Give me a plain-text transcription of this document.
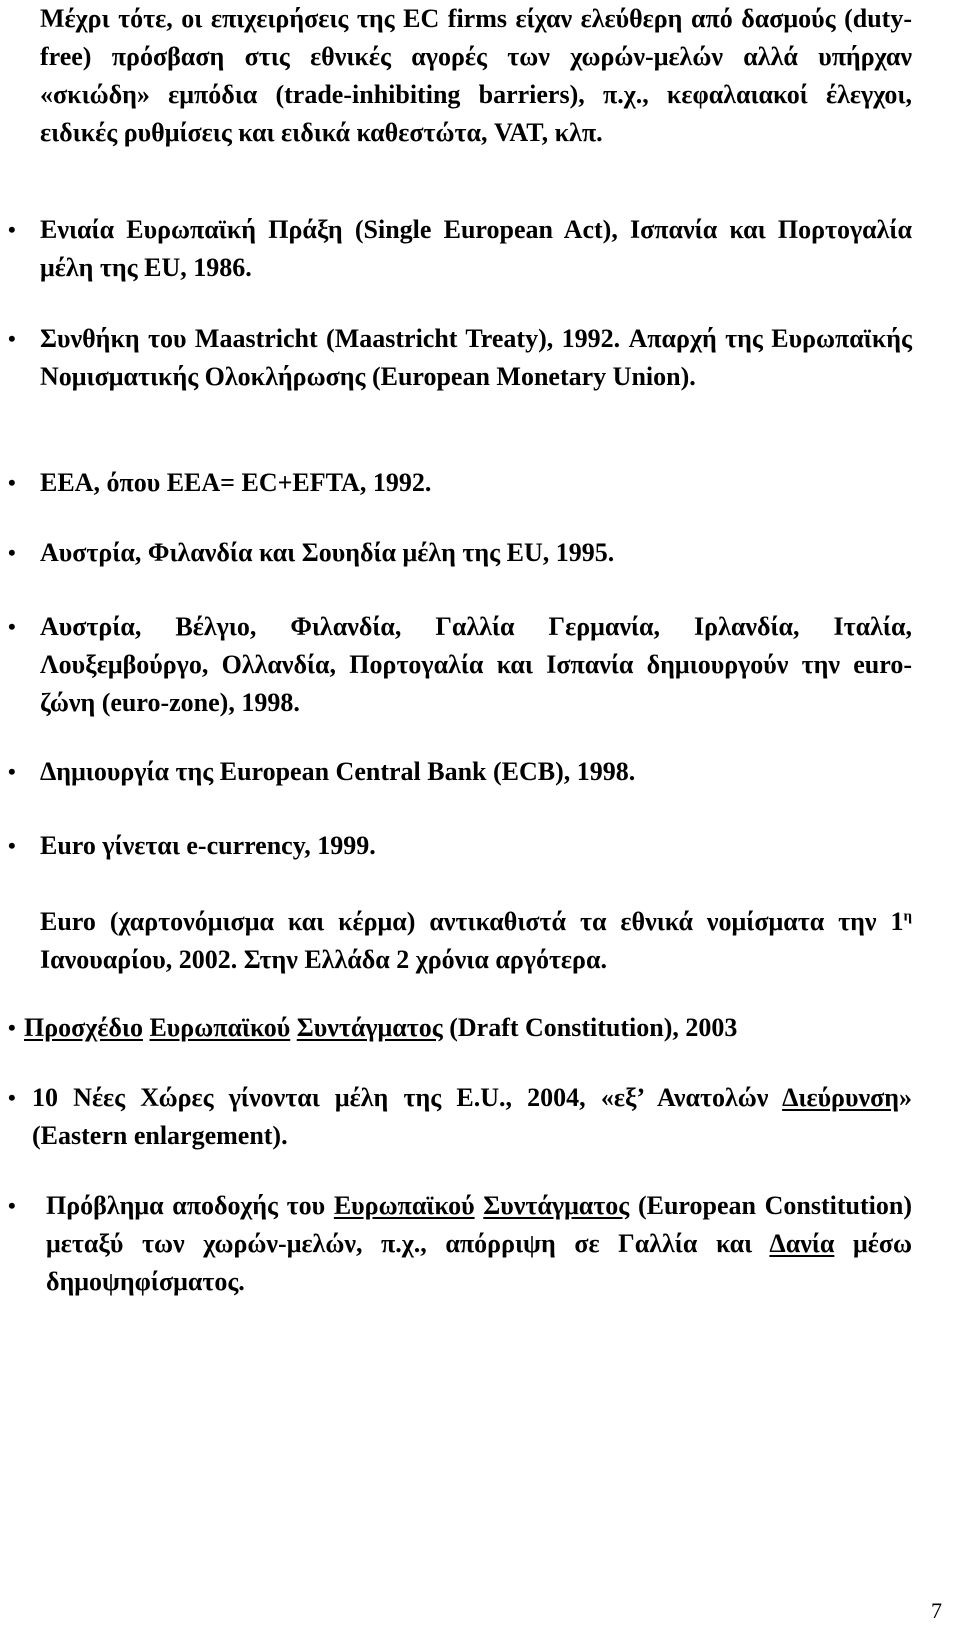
Μέχρι τότε, οι επιχειρήσεις της EC firms είχαν ελεύθερη από δασμούς (duty-free) πρόσβαση στις εθνικές αγορές των χωρών-μελών αλλά υπήρχαν «σκιώδη» εμπόδια (trade-inhibiting barriers), π.χ., κεφαλαιακοί έλεγχοι, ειδικές ρυθμίσεις και ειδικά καθεστώτα, VAT, κλπ.
• Ενιαία Ευρωπαϊκή Πράξη (Single European Act), Ισπανία και Πορτογαλία μέλη της EU, 1986.
• Συνθήκη του Maastricht (Maastricht Treaty), 1992. Απαρχή της Ευρωπαϊκής Νομισματικής Ολοκλήρωσης (European Monetary Union).
• EEA, όπου EEA= EC+EFTA, 1992.
• Αυστρία, Φιλανδία και Σουηδία μέλη της EU, 1995.
• Αυστρία, Βέλγιο, Φιλανδία, Γαλλία Γερμανία, Ιρλανδία, Ιταλία, Λουξεμβούργο, Ολλανδία, Πορτογαλία και Ισπανία δημιουργούν την euro-ζώνη (euro-zone), 1998.
• Δημιουργία της European Central Bank (ECB), 1998.
• Euro γίνεται e-currency, 1999.
Euro (χαρτονόμισμα και κέρμα) αντικαθιστά τα εθνικά νομίσματα την $1^\eta$ Ιανουαρίου, 2002. Στην Ελλάδα 2 χρόνια αργότερα.
• Προσχέδιο Ευρωπαϊκού Συντάγματος (Draft Constitution), 2003
• 10 Νέες Χώρες γίνονται μέλη της E.U., 2004, «εξ’ Ανατολών Διεύρυνση» (Eastern enlargement).
• Πρόβλημα αποδοχής του Ευρωπαϊκού Συντάγματος (European Constitution) μεταξύ των χωρών-μελών, π.χ., απόρριψη σε Γαλλία και Δανία μέσω δημοψηφίσματος.
7
